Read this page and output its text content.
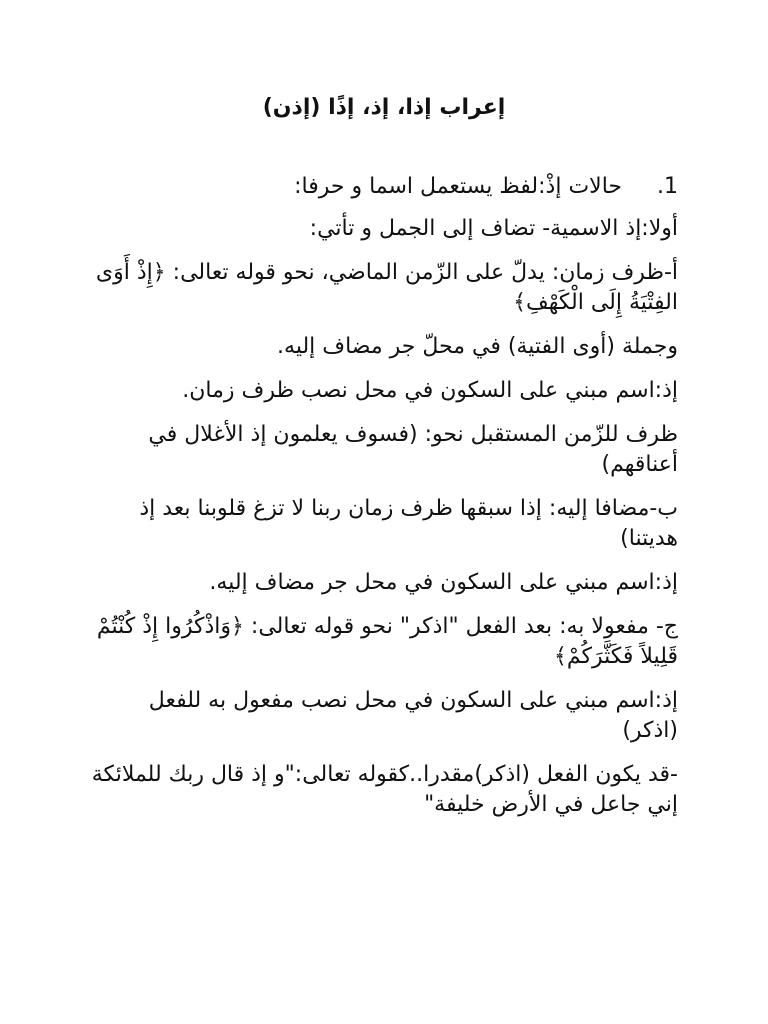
إعراب إذا، إذ، إذًا (إذن)
1.
حالات إذْ:لفظ يستعمل اسما و حرفا:

أولا:إذ الاسمية- تضاف إلى الجمل و تأتي:

أ-ظرف زمان: يدلّ على الزّمن الماضي، نحو قوله تعالى: ﴿إِذْ أَوَى الفِتْيَةُ إِلَى الْكَهْفِ﴾

وجملة (أوى الفتية) في محلّ جر مضاف إليه.

إذ:اسم مبني على السكون في محل نصب ظرف زمان.

ظرف للزّمن المستقبل نحو: (فسوف يعلمون إذ الأغلال في أعناقهم)

ب-مضافا إليه: إذا سبقها ظرف زمان ربنا لا تزغ قلوبنا بعد إذ هديتنا)

إذ:اسم مبني على السكون في محل جر مضاف إليه.

ج- مفعولا به: بعد الفعل "اذكر" نحو قوله تعالى: ﴿وَاذْكُرُوا إِذْ كُنْتُمْ قَلِيلاً فَكَثَّرَكُمْ﴾

إذ:اسم مبني على السكون في محل نصب مفعول به للفعل (اذكر)

-قد يكون الفعل (اذكر)مقدرا..كقوله تعالى:"و إذ قال ربك للملائكة إني جاعل في الأرض خليفة"
